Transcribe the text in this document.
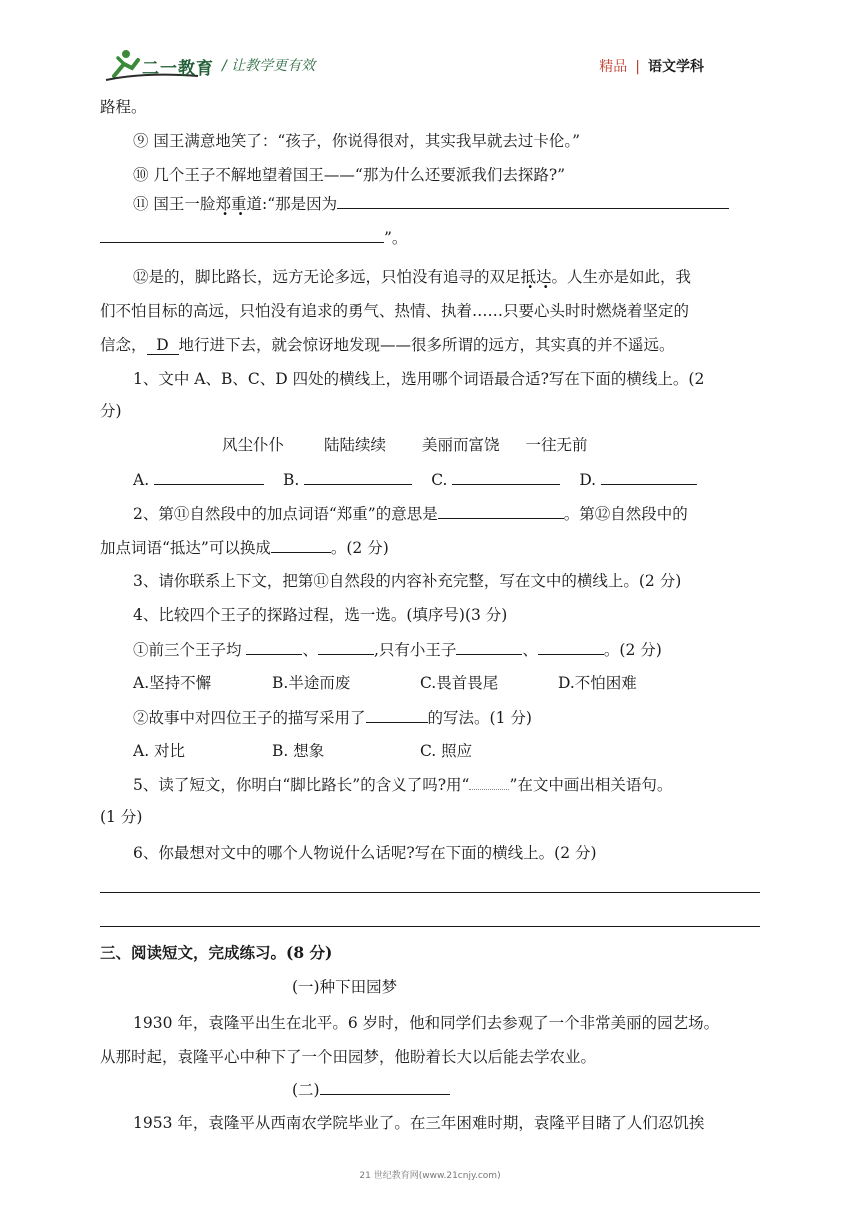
二一教育 / 让教学更有效	精品 | 语文学科
路程。
⑨ 国王满意地笑了：“孩子，你说得很对，其实我早就去过卡伦。”
⑩ 几个王子不解地望着国王——“那为什么还要派我们去探路?”
⑪ 国王一脸郑重道:“那是因为
”。
⑫是的，脚比路长，远方无论多远，只怕没有追寻的双足抵达。人生亦是如此，我
们不怕目标的高远，只怕没有追求的勇气、热情、执着……只要心头时时燃烧着坚定的
信念， D 地行进下去，就会惊讶地发现——很多所谓的远方，其实真的并不遥远。
1、文中 A、B、C、D 四处的横线上，选用哪个词语最合适?写在下面的横线上。(2
分)
风尘仆仆	陆陆续续 美丽而富饶 一往无前
A.	B.	C.	D.
2、第⑪自然段中的加点词语“郑重”的意思是	。第⑫自然段中的
加点词语“抵达”可以换成	。(2 分)
3、请你联系上下文，把第⑪自然段的内容补充完整，写在文中的横线上。(2 分)
4、比较四个王子的探路过程，选一选。(填序号)(3 分)
①前三个王子均	、	,只有小王子	、	。(2 分)
A.坚持不懈	B.半途而废	C.畏首畏尾	D.不怕困难
②故事中对四位王子的描写采用了	的写法。(1 分)
A. 对比	B. 想象	C. 照应
5、读了短文，你明白“脚比路长”的含义了吗?用“	”在文中画出相关语句。
(1 分)
6、你最想对文中的哪个人物说什么话呢?写在下面的横线上。(2 分)
三、阅读短文，完成练习。(8 分)
(一)种下田园梦
1930 年，袁隆平出生在北平。6 岁时，他和同学们去参观了一个非常美丽的园艺场。
从那时起，袁隆平心中种下了一个田园梦，他盼着长大以后能去学农业。
(二)
1953 年，袁隆平从西南农学院毕业了。在三年困难时期，袁隆平目睹了人们忍饥挨
21 世纪教育网(www.21cnjy.com)
